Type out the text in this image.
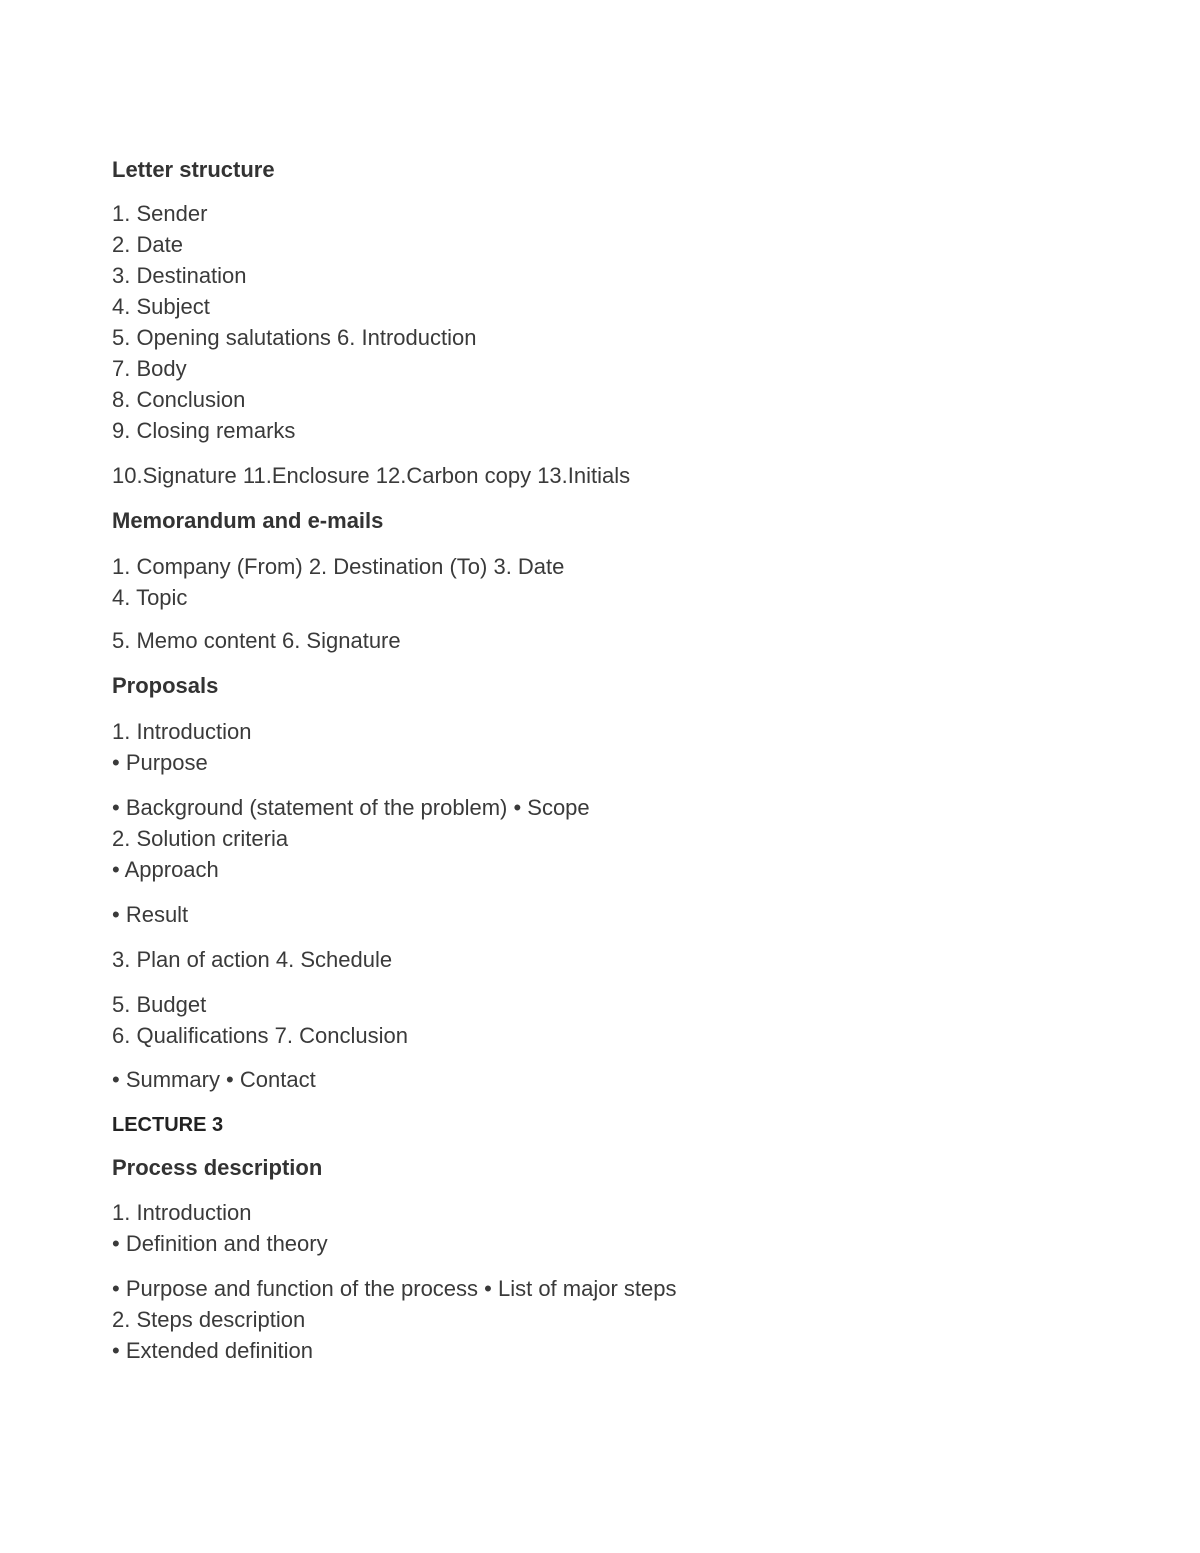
Letter structure
1. Sender
2. Date
3. Destination
4. Subject
5. Opening salutations 6. Introduction
7. Body
8. Conclusion
9. Closing remarks
10.Signature 11.Enclosure 12.Carbon copy 13.Initials
Memorandum and e-mails
1. Company (From) 2. Destination (To) 3. Date
4. Topic
5. Memo content 6. Signature
Proposals
1. Introduction
• Purpose
• Background (statement of the problem) • Scope
2. Solution criteria
• Approach
• Result
3. Plan of action 4. Schedule
5. Budget
6. Qualifications 7. Conclusion
• Summary • Contact
LECTURE 3
Process description
1. Introduction
• Definition and theory
• Purpose and function of the process • List of major steps
2. Steps description
• Extended definition
